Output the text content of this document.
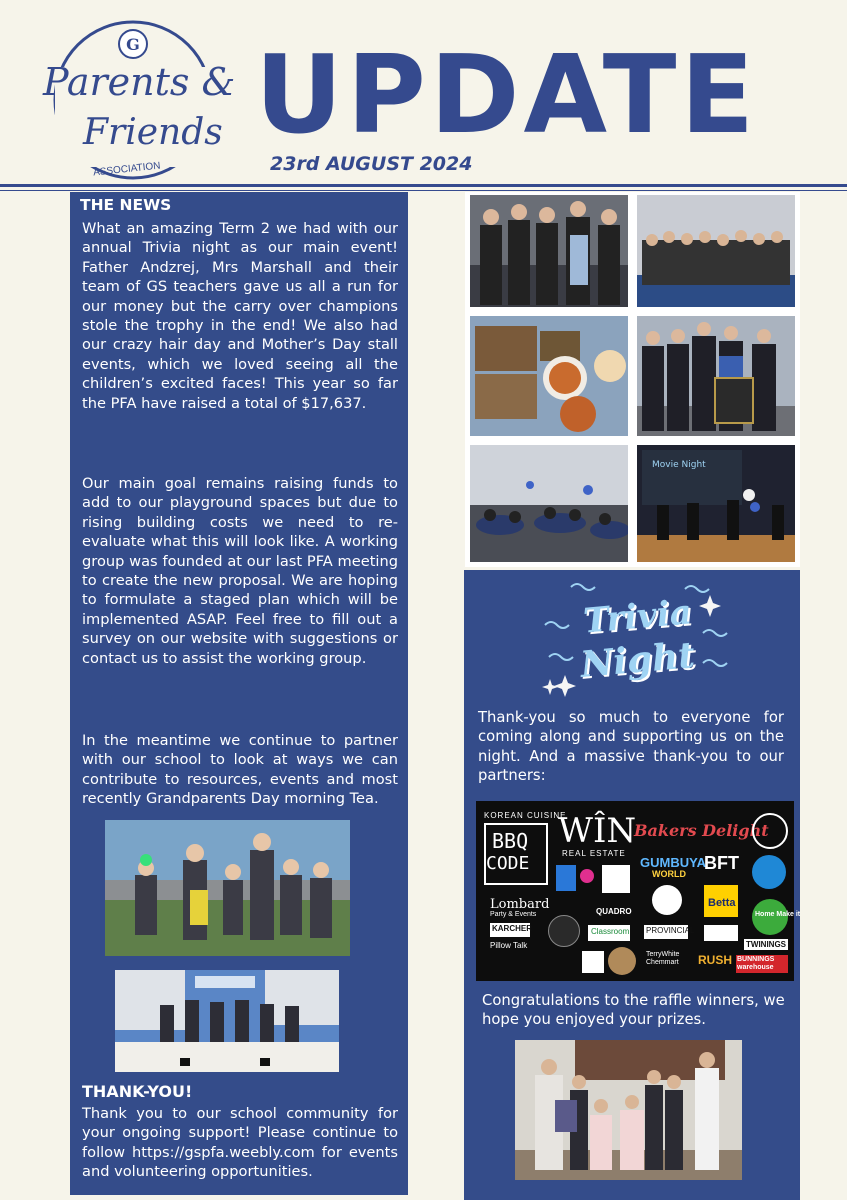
G
Parents &
Friends
ASSOCIATION
UPDATE
23rd AUGUST 2024
THE NEWS
What an amazing Term 2 we had with our annual Trivia night as our main event! Father Andzrej, Mrs Marshall and their team of GS teachers gave us all a run for our money but the carry over champions stole the trophy in the end! We also had our crazy hair day and Mother’s Day stall events, which we loved seeing all the children’s excited faces! This year so far the PFA have raised a total of $17,637.
Our main goal remains raising funds to add to our playground spaces but due to rising building costs we need to re-evaluate what this will look like. A working group was founded at our last PFA meeting to create the new proposal. We are hoping to formulate a staged plan which will be implemented ASAP. Feel free to fill out a survey on our website with suggestions or contact us to assist the working group.
In the meantime we continue to partner with our school to look at ways we can contribute to resources, events and most recently Grandparents Day morning Tea.
THANK-YOU!
Thank you to our school community for your ongoing support! Please continue to follow https://gspfa.weebly.com for events and volunteering opportunities.
Movie Night
Trivia
Night
Thank-you so much to everyone for coming along and supporting us on the night. And a massive thank-you to our partners:
KOREAN CUISINE
BBQ
CODE
WÎN
REAL ESTATE
Bakers Delight
GUMBUYA
WORLD
BFT
Lombard
Party & Events	QUADRO
Betta
Home Make it
KARCHER	Classroom PROVINCIAL
Pillow Talk	TWININGS
TerryWhite Chemmart	RUSH BUNNINGS warehouse
Congratulations to the raffle winners, we hope you enjoyed your prizes.
